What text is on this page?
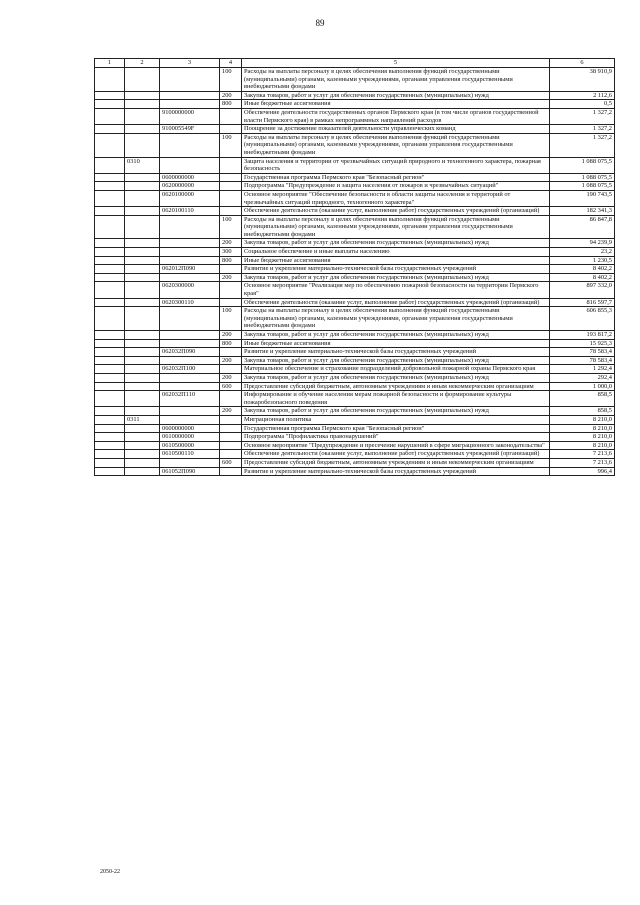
89
1	2	3	4	5	6
			100	Расходы на выплаты персоналу в целях обеспечения выполнения функций государственными (муниципальными) органами, казенными учреждениями, органами управления государственными внебюджетными фондами	38 910,9
			200	Закупка товаров, работ и услуг для обеспечения государственных (муниципальных) нужд	2 112,6
			800	Иные бюджетные ассигнования	0,5
		9100000000		Обеспечение деятельности государственных органов Пермского края (в том числе органов государственной власти Пермского края) в рамках непрограммных направлений расходов	1 327,2
		910005549F		Поощрение за достижение показателей деятельности управленческих команд	1 327,2
			100	Расходы на выплаты персоналу в целях обеспечения выполнения функций государственными (муниципальными) органами, казенными учреждениями, органами управления государственными внебюджетными фондами	1 327,2
	0310			Защита населения и территории от чрезвычайных ситуаций природного и техногенного характера, пожарная безопасность	1 088 075,5
		0600000000		Государственная программа Пермского края "Безопасный регион"	1 088 075,5
		0620000000		Подпрограмма "Предупреждение и защита населения от пожаров и чрезвычайных ситуаций"	1 088 075,5
		0620100000		Основное мероприятие "Обеспечение безопасности в области защиты населения и территорий от чрезвычайных ситуаций природного, техногенного характера"	190 743,5
		0620100110		Обеспечение деятельности (оказание услуг, выполнение работ) государственных учреждений (организаций)	182 341,3
			100	Расходы на выплаты персоналу в целях обеспечения выполнения функций государственными (муниципальными) органами, казенными учреждениями, органами управления государственными внебюджетными фондами	86 847,8
			200	Закупка товаров, работ и услуг для обеспечения государственных (муниципальных) нужд	94 239,9
			300	Социальное обеспечение и иные выплаты населению	23,2
			800	Иные бюджетные ассигнования	1 230,5
		062012П090		Развитие и укрепление материально-технической базы государственных учреждений	8 402,2
			200	Закупка товаров, работ и услуг для обеспечения государственных (муниципальных) нужд	8 402,2
		0620300000		Основное мероприятие "Реализация мер по обеспечению пожарной безопасности на территории Пермского края"	897 332,0
		0620300110		Обеспечение деятельности (оказание услуг, выполнение работ) государственных учреждений (организаций)	816 597,7
			100	Расходы на выплаты персоналу в целях обеспечения выполнения функций государственными (муниципальными) органами, казенными учреждениями, органами управления государственными внебюджетными фондами	606 855,3
			200	Закупка товаров, работ и услуг для обеспечения государственных (муниципальных) нужд	193 817,2
			800	Иные бюджетные ассигнования	15 925,3
		062032П090		Развитие и укрепление материально-технической базы государственных учреждений	78 583,4
			200	Закупка товаров, работ и услуг для обеспечения государственных (муниципальных) нужд	78 583,4
		062032П100		Материальное обеспечение и страхование подразделений добровольной пожарной охраны Пермского края	1 292,4
			200	Закупка товаров, работ и услуг для обеспечения государственных (муниципальных) нужд	292,4
			600	Предоставление субсидий бюджетным, автономным учреждениям и иным некоммерческим организациям	1 000,0
		062032П110		Информирование и обучение населения мерам пожарной безопасности и формирование культуры пожаробезопасного поведения	858,5
			200	Закупка товаров, работ и услуг для обеспечения государственных (муниципальных) нужд	858,5
	0311			Миграционная политика	8 210,0
		0600000000		Государственная программа Пермского края "Безопасный регион"	8 210,0
		0610000000		Подпрограмма "Профилактика правонарушений"	8 210,0
		0610500000		Основное мероприятие "Предупреждение и пресечение нарушений в сфере миграционного законодательства"	8 210,0
		0610500110		Обеспечение деятельности (оказание услуг, выполнение работ) государственных учреждений (организаций)	7 213,6
			600	Предоставление субсидий бюджетным, автономным учреждениям и иным некоммерческим организациям	7 213,6
		061052П090		Развитие и укрепление материально-технической базы государственных учреждений	996,4
2050-22
